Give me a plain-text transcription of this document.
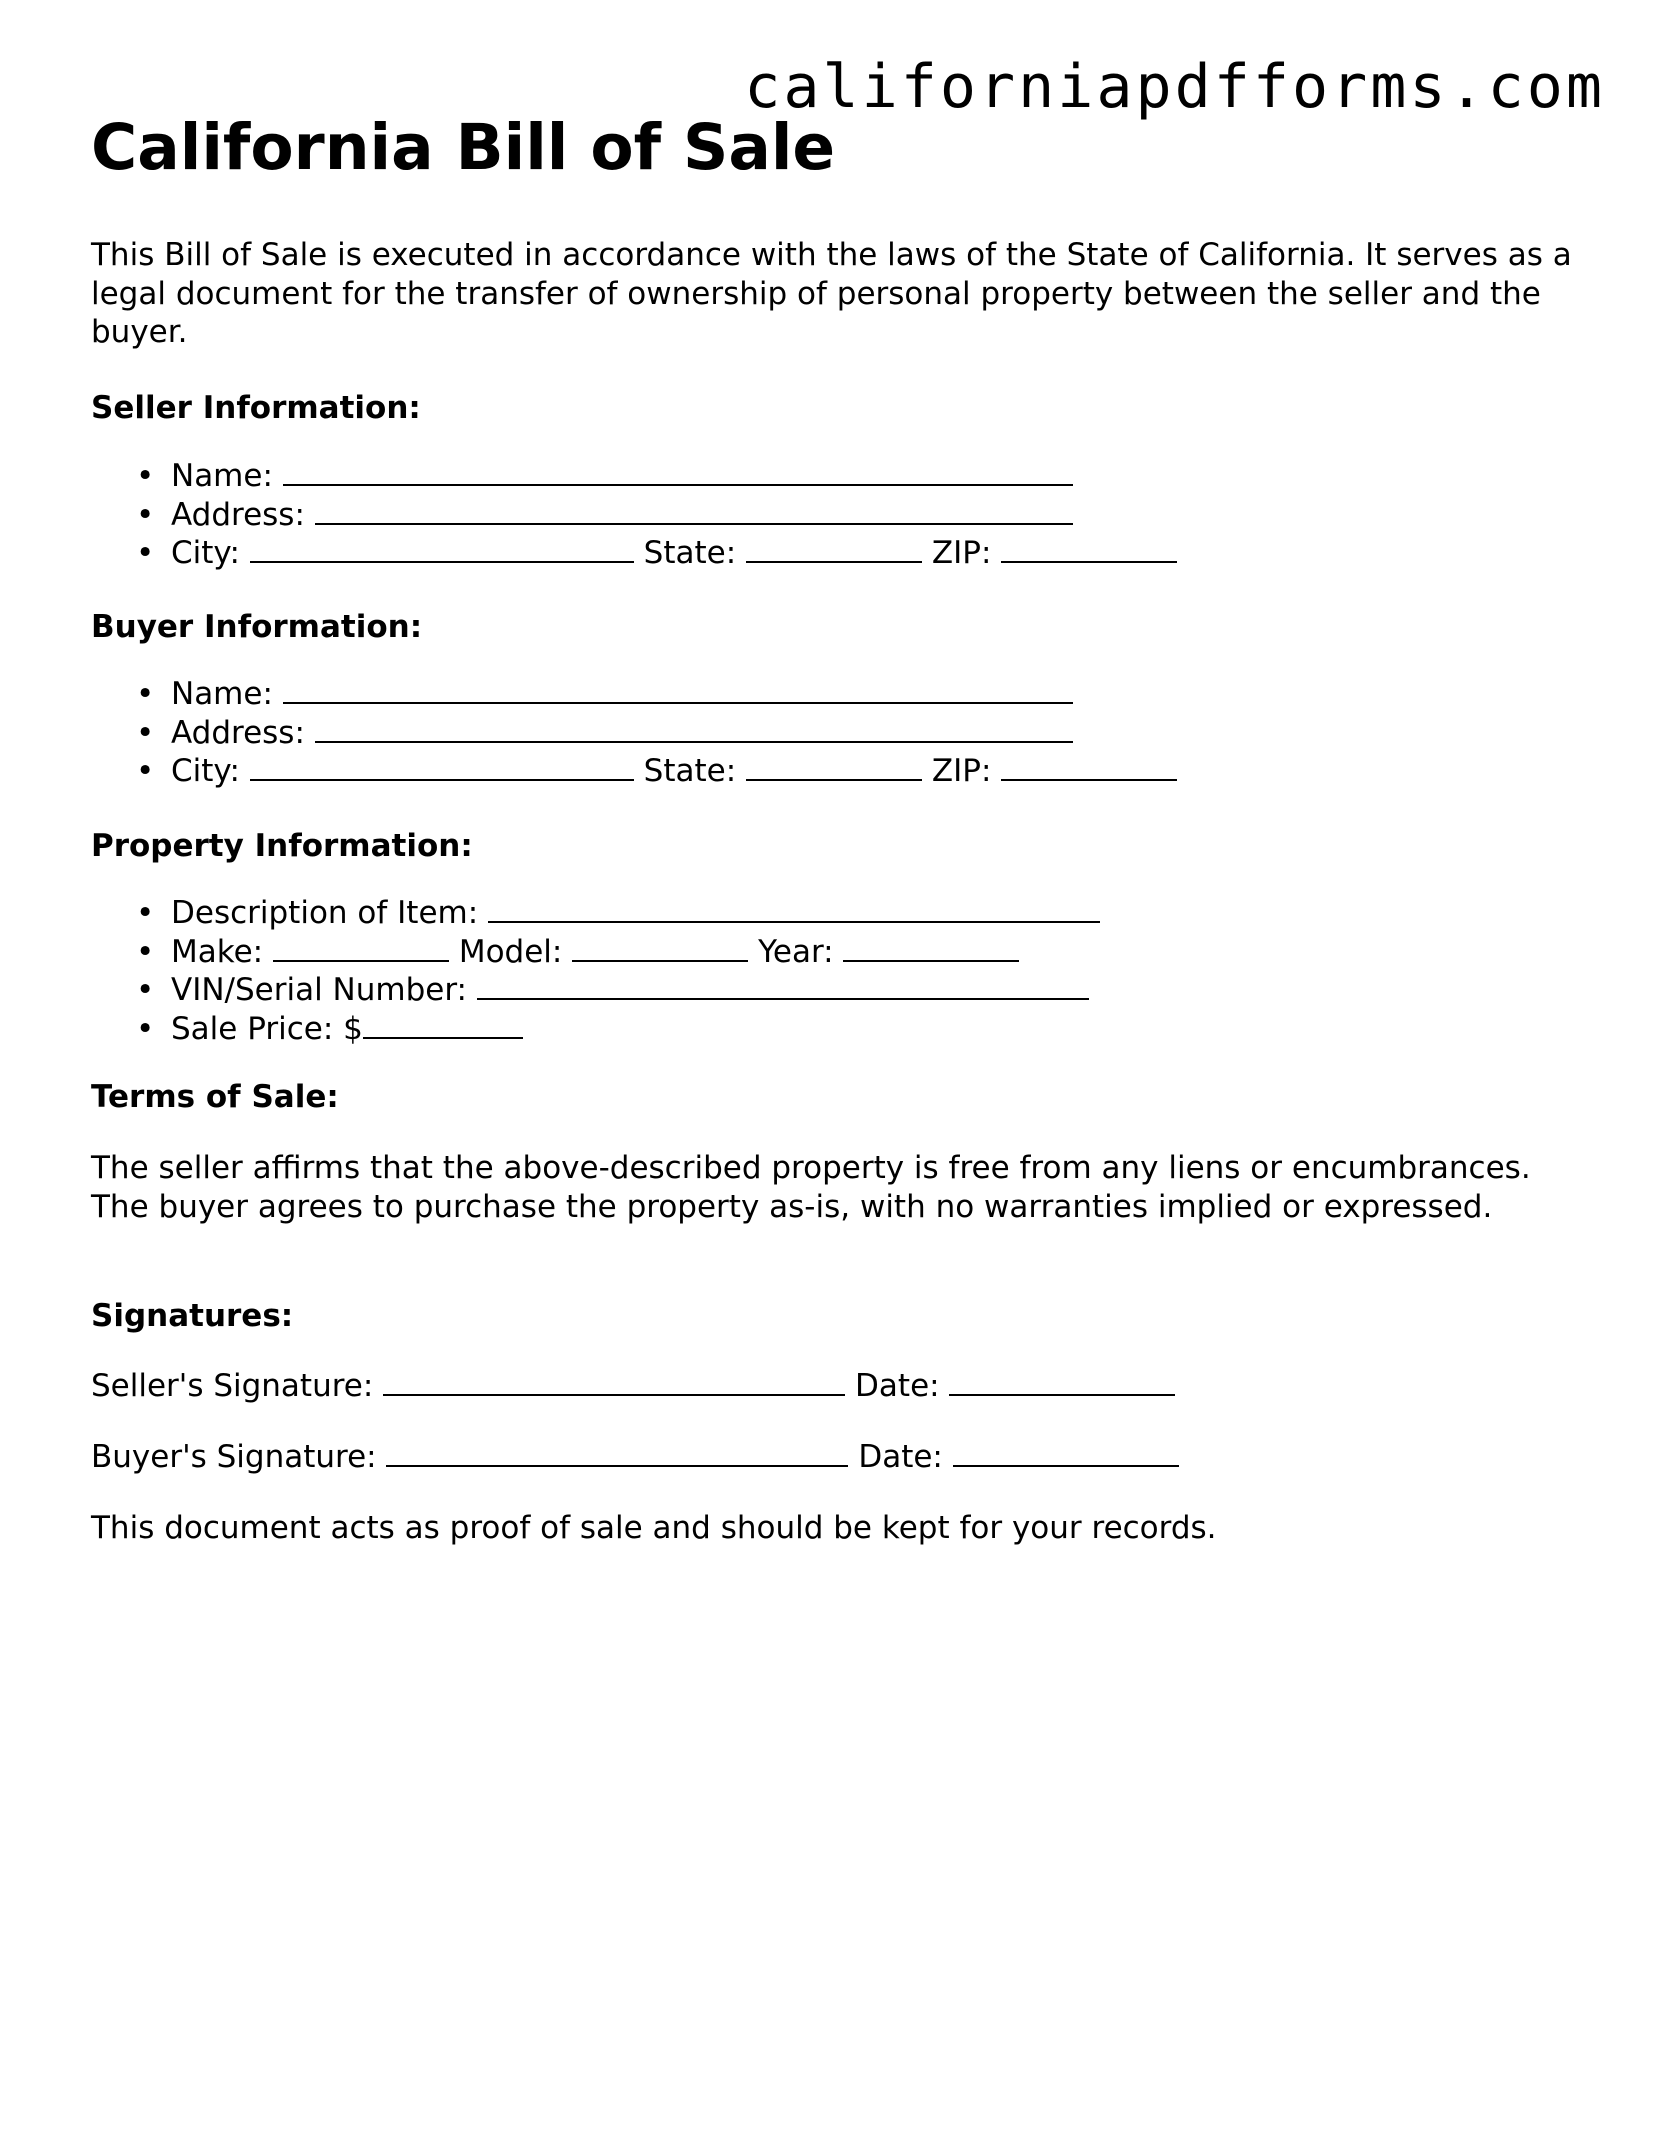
californiapdfforms.com
California Bill of Sale

This Bill of Sale is executed in accordance with the laws of the State of California. It serves as a legal document for the transfer of ownership of personal property between the seller and the buyer.

Seller Information:
• Name:
• Address:
• City:	State:	ZIP:
Buyer Information:
• Name:
• Address:
• City:	State:	ZIP:
Property Information:
• Description of Item:
• Make:	Model:	Year:
• VIN/Serial Number:
• Sale Price: $
Terms of Sale:

The seller affirms that the above-described property is free from any liens or encumbrances. The buyer agrees to purchase the property as-is, with no warranties implied or expressed.

Signatures:
Seller's Signature:	Date:
Buyer's Signature:	Date:

This document acts as proof of sale and should be kept for your records.
